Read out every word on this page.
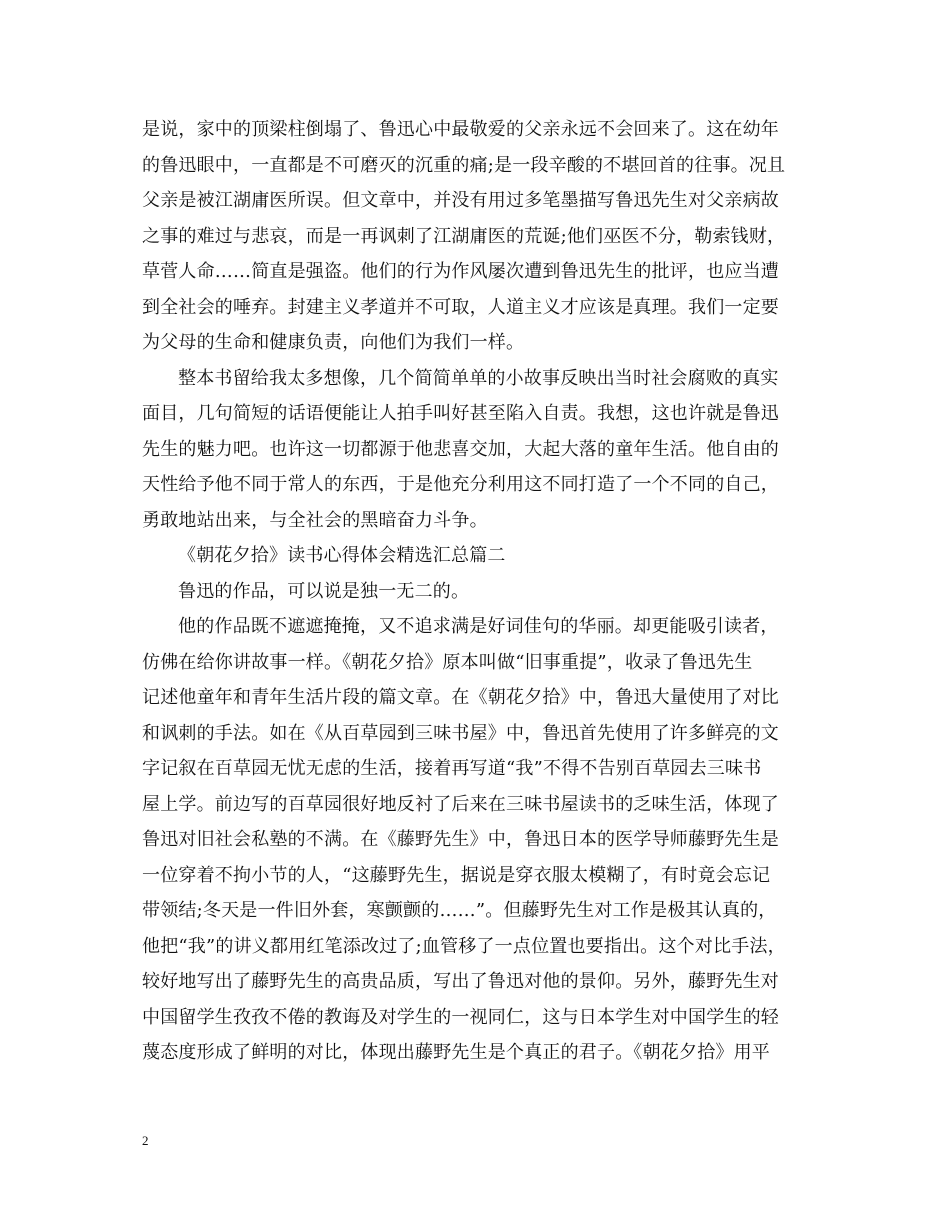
是说，家中的顶梁柱倒塌了、鲁迅心中最敬爱的父亲永远不会回来了。这在幼年
的鲁迅眼中，一直都是不可磨灭的沉重的痛;是一段辛酸的不堪回首的往事。况且
父亲是被江湖庸医所误。但文章中，并没有用过多笔墨描写鲁迅先生对父亲病故
之事的难过与悲哀，而是一再讽刺了江湖庸医的荒诞;他们巫医不分，勒索钱财，
草菅人命……简直是强盗。他们的行为作风屡次遭到鲁迅先生的批评，也应当遭
到全社会的唾弃。封建主义孝道并不可取，人道主义才应该是真理。我们一定要
为父母的生命和健康负责，向他们为我们一样。
整本书留给我太多想像，几个简简单单的小故事反映出当时社会腐败的真实
面目，几句简短的话语便能让人拍手叫好甚至陷入自责。我想，这也许就是鲁迅
先生的魅力吧。也许这一切都源于他悲喜交加，大起大落的童年生活。他自由的
天性给予他不同于常人的东西，于是他充分利用这不同打造了一个不同的自己，
勇敢地站出来，与全社会的黑暗奋力斗争。
《朝花夕拾》读书心得体会精选汇总篇二
鲁迅的作品，可以说是独一无二的。
他的作品既不遮遮掩掩，又不追求满是好词佳句的华丽。却更能吸引读者，
仿佛在给你讲故事一样。《朝花夕拾》原本叫做“旧事重提”，收录了鲁迅先生
记述他童年和青年生活片段的篇文章。在《朝花夕拾》中，鲁迅大量使用了对比
和讽刺的手法。如在《从百草园到三味书屋》中，鲁迅首先使用了许多鲜亮的文
字记叙在百草园无忧无虑的生活，接着再写道“我”不得不告别百草园去三味书
屋上学。前边写的百草园很好地反衬了后来在三味书屋读书的乏味生活，体现了
鲁迅对旧社会私塾的不满。在《藤野先生》中，鲁迅日本的医学导师藤野先生是
一位穿着不拘小节的人，“这藤野先生，据说是穿衣服太模糊了，有时竟会忘记
带领结;冬天是一件旧外套，寒颤颤的……”。但藤野先生对工作是极其认真的，
他把“我”的讲义都用红笔添改过了;血管移了一点位置也要指出。这个对比手法，
较好地写出了藤野先生的高贵品质，写出了鲁迅对他的景仰。另外，藤野先生对
中国留学生孜孜不倦的教诲及对学生的一视同仁，这与日本学生对中国学生的轻
蔑态度形成了鲜明的对比，体现出藤野先生是个真正的君子。《朝花夕拾》用平
2
